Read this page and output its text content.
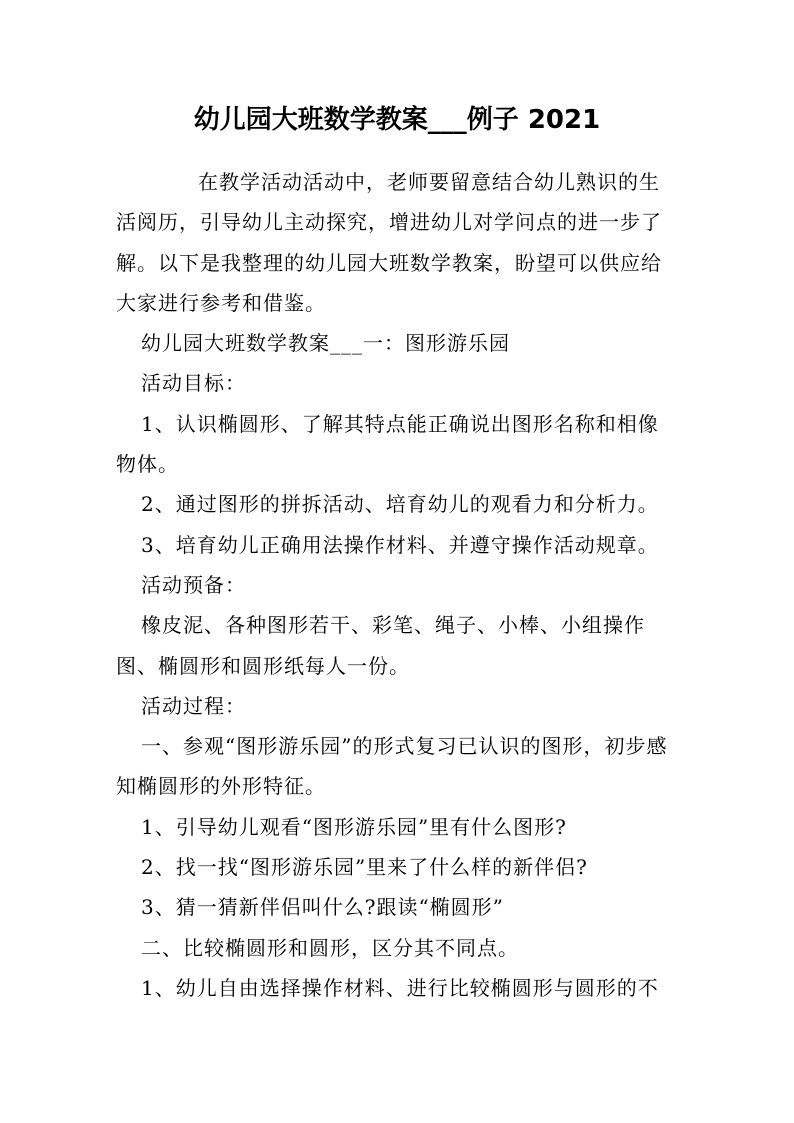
幼儿园大班数学教案___例子 2021

在教学活动活动中，老师要留意结合幼儿熟识的生活阅历，引导幼儿主动探究，增进幼儿对学问点的进一步了解。以下是我整理的幼儿园大班数学教案，盼望可以供应给大家进行参考和借鉴。

幼儿园大班数学教案___一：图形游乐园

活动目标：

1、认识椭圆形、了解其特点能正确说出图形名称和相像物体。

2、通过图形的拼拆活动、培育幼儿的观看力和分析力。

3、培育幼儿正确用法操作材料、并遵守操作活动规章。

活动预备：

橡皮泥、各种图形若干、彩笔、绳子、小棒、小组操作图、椭圆形和圆形纸每人一份。

活动过程：

一、参观“图形游乐园”的形式复习已认识的图形，初步感知椭圆形的外形特征。

1、引导幼儿观看“图形游乐园”里有什么图形?

2、找一找“图形游乐园”里来了什么样的新伴侣?

3、猜一猜新伴侣叫什么?跟读“椭圆形”

二、比较椭圆形和圆形，区分其不同点。

1、幼儿自由选择操作材料、进行比较椭圆形与圆形的不
